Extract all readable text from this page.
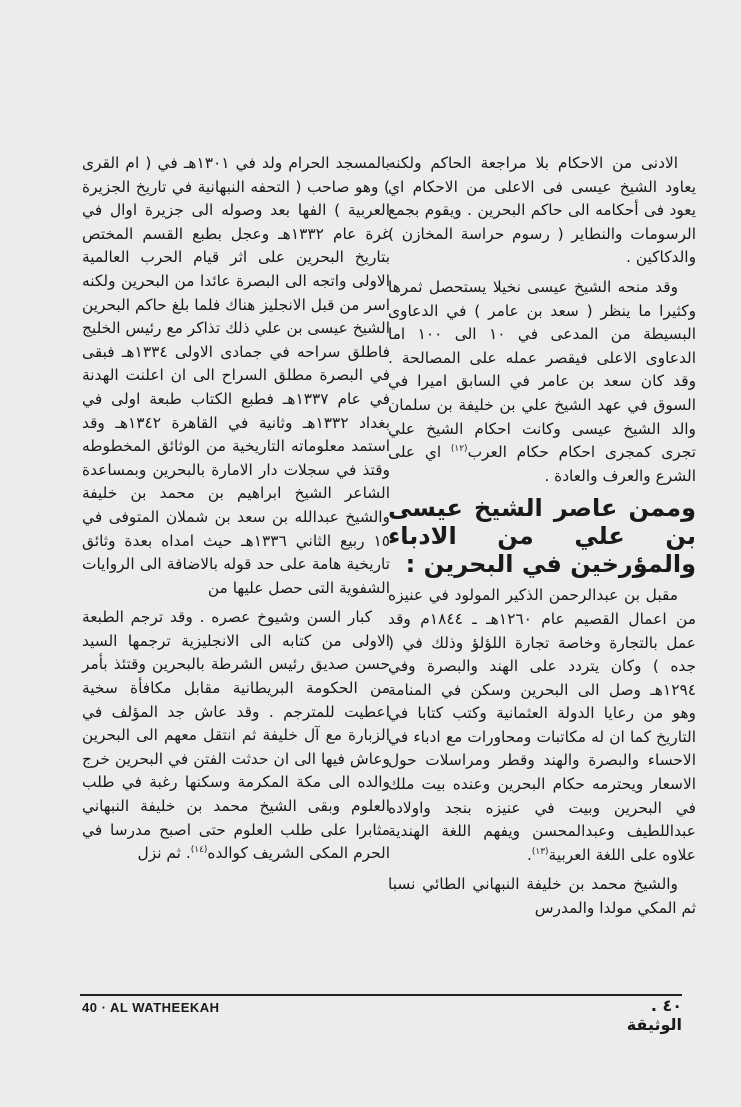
الادنى من الاحكام بلا مراجعة الحاكم ولكنه يعاود الشيخ عيسى فى الاعلى من الاحكام اي يعود فى أحكامه الى حاكم البحرين . ويقوم بجمع الرسومات والنطاير ( رسوم حراسة المخازن ) والدكاكين .

وقد منحه الشيخ عيسى نخيلا يستحصل ثمرها وكثيرا ما ينظر ( سعد بن عامر ) في الدعاوى البسيطة من المدعى في ١٠ الى ١٠٠ اما الدعاوى الاعلى فيقصر عمله على المصالحة . وقد كان سعد بن عامر في السابق اميرا في السوق في عهد الشيخ علي بن خليفة بن سلمان والد الشيخ عيسى وكانت احكام الشيخ علي تجرى كمجرى احكام حكام العرب$^{(١٢)}$ اي على الشرع والعرف والعادة .

وممن عاصر الشيخ عيسى بن علي من الادباء والمؤرخين في البحرين :

مقبل بن عبدالرحمن الذكير المولود في عنيزه من اعمال القصيم عام ١٢٦٠هـ ـ ١٨٤٤م وقد عمل بالتجارة وخاصة تجارة اللؤلؤ وذلك في ( جده ) وكان يتردد على الهند والبصرة وفي ١٢٩٤هـ وصل الى البحرين وسكن في المنامة وهو من رعايا الدولة العثمانية وكتب كتابا في التاريخ كما ان له مكاتبات ومحاورات مع ادباء في الاحساء والبصرة والهند وقطر ومراسلات حول الاسعار ويحترمه حكام البحرين وعنده بيت ملك في البحرين وبيت في عنيزه بنجد واولاده عبداللطيف وعبدالمحسن ويفهم اللغة الهندية علاوه على اللغة العربية$^{(١٣)}$.

والشيخ محمد بن خليفة النبهاني الطائي نسبا ثم المكي مولدا والمدرس

بالمسجد الحرام ولد في ١٣٠١هـ في ( ام القرى ) وهو صاحب ( التحفه النبهانية في تاريخ الجزيرة العربية ) الفها بعد وصوله الى جزيرة اوال في غرة عام ١٣٣٢هـ وعجل بطبع القسم المختص بتاريخ البحرين على اثر قيام الحرب العالمية الاولى واتجه الى البصرة عائدا من البحرين ولكنه اسر من قبل الانجليز هناك فلما بلغ حاكم البحرين الشيخ عيسى بن علي ذلك تذاكر مع رئيس الخليج فاطلق سراحه في جمادى الاولى ١٣٣٤هـ فبقى في البصرة مطلق السراح الى ان اعلنت الهدنة في عام ١٣٣٧هـ فطبع الكتاب طبعة اولى في بغداد ١٣٣٢هـ وثانية في القاهرة ١٣٤٢هـ وقد استمد معلوماته التاريخية من الوثائق المخطوطه وقتذ في سجلات دار الامارة بالبحرين وبمساعدة الشاعر الشيخ ابراهيم بن محمد بن خليفة والشيخ عبدالله بن سعد بن شملان المتوفى في ١٥ ربيع الثاني ١٣٣٦هـ حيث امداه بعدة وثائق تاريخية هامة على حد قوله بالاضافة الى الروايات الشفوية التى حصل عليها من

كبار السن وشيوخ عصره . وقد ترجم الطبعة الاولى من كتابه الى الانجليزية ترجمها السيد حسن صديق رئيس الشرطة بالبحرين وقتئذ بأمر من الحكومة البريطانية مقابل مكافأة سخية اعطيت للمترجم . وقد عاش جد المؤلف في الزبارة مع آل خليفة ثم انتقل معهم الى البحرين وعاش فيها الى ان حدثت الفتن في البحرين خرج والده الى مكة المكرمة وسكنها رغبة في طلب العلوم وبقى الشيخ محمد بن خليفة النبهاني مثابرا على طلب العلوم حتى اصبح مدرسا في الحرم المكى الشريف كوالده$^{(١٤)}$. ثم نزل

40 · AL WATHEEKAH	٤٠ . الوثيقة
